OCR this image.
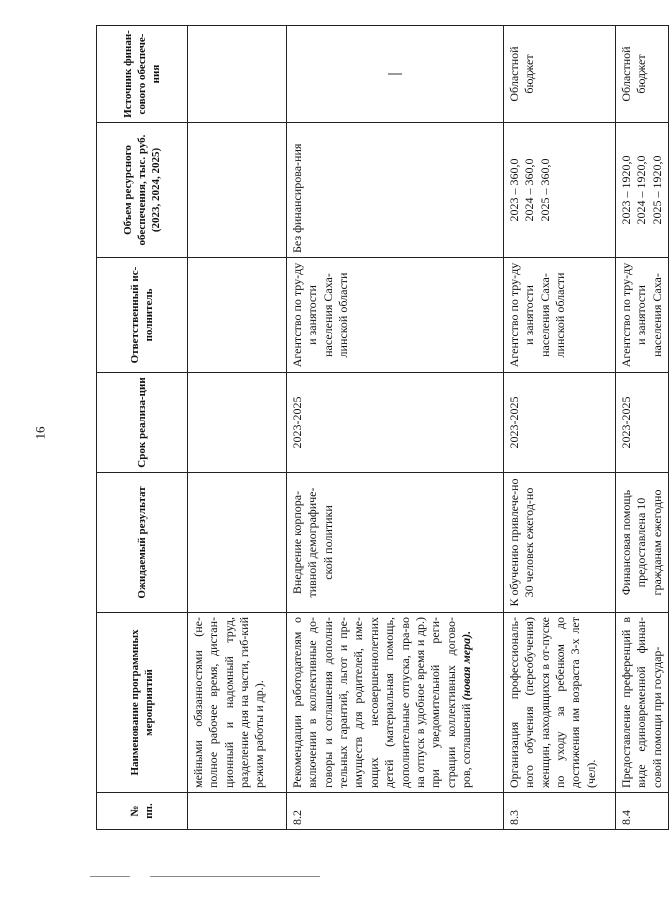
16
№ пп.	Наименование программных мероприятий	Ожидаемый результат	Срок реализа-ции	Ответственный ис-полнитель	Объем ресурсного обеспечения, тыс. руб. (2023, 2024, 2025)	Источник финан-сового обеспече-ния
	мейными обязанностями (не-полное рабочее время, дистан-ционный и надомный труд, разделение дня на части, гиб-кий режим работы и др.).					
8.2	Рекомендации работодателям о включении в коллективные до-говоры и соглашения дополни-тельных гарантий, льгот и пре-имуществ для родителей, име-ющих несовершеннолетних детей (материальная помощь, дополнительные отпуска, пра-во на отпуск в удобное время и др.) при уведомительной реги-страции коллективных догово-ров, соглашений (новая мера).	Внедрение корпора-тивной демографиче-ской политики	2023-2025	Агентство по тру-ду и занятости населения Саха-линской области	Без финансирова-ния	

8.3	Организация профессиональ-ного обучения (переобучения) женщин, находящихся в от-пуске по уходу за ребенком до достижения им возраста 3-х лет (чел).	К обучению привлече-но 30 человек ежегод-но	2023-2025	Агентство по тру-ду и занятости населения Саха-линской области	2023 – 360,0 2024 – 360,0 2025 – 360,0	Областной бюджет
8.4	Предоставление преференций в виде единовременной финан-совой помощи при государ-	Финансовая помощь предоставлена 10 гражданам ежегодно	2023-2025	Агентство по тру-ду и занятости населения Саха-	2023 – 1920,0 2024 – 1920,0 2025 – 1920,0	Областной бюджет
